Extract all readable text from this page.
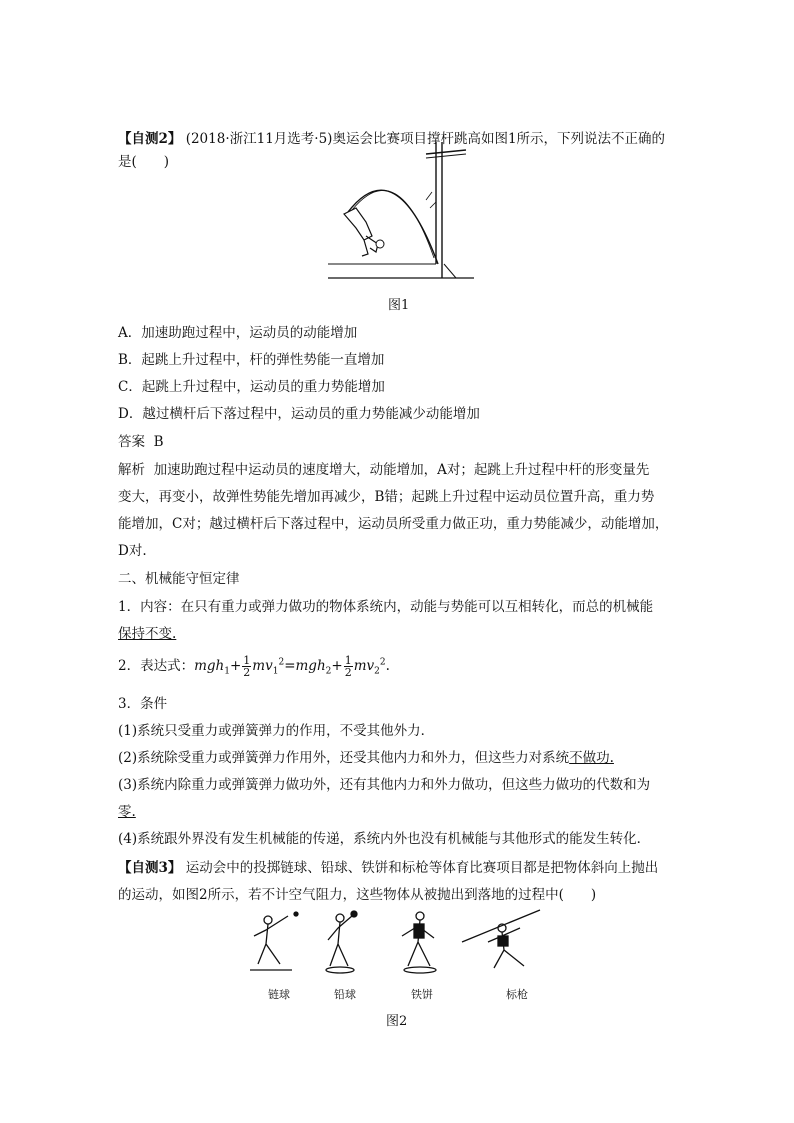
【自测2】 (2018·浙江11月选考·5)奥运会比赛项目撑杆跳高如图1所示，下列说法不正确的
是(　　)
图1
A．加速助跑过程中，运动员的动能增加
B．起跳上升过程中，杆的弹性势能一直增加
C．起跳上升过程中，运动员的重力势能增加
D．越过横杆后下落过程中，运动员的重力势能减少动能增加
答案 B
解析 加速助跑过程中运动员的速度增大，动能增加，A对；起跳上升过程中杆的形变量先
变大，再变小，故弹性势能先增加再减少，B错；起跳上升过程中运动员位置升高，重力势
能增加，C对；越过横杆后下落过程中，运动员所受重力做正功，重力势能减少，动能增加，
D对.
二、机械能守恒定律
1．内容：在只有重力或弹力做功的物体系统内，动能与势能可以互相转化，而总的机械能
保持不变.
2．表达式：$mgh_1+ \frac{1}{2} mv_1^2=mgh_2+ \frac{1}{2} mv_2^2$.
3．条件
(1)系统只受重力或弹簧弹力的作用，不受其他外力．
(2)系统除受重力或弹簧弹力作用外，还受其他内力和外力，但这些力对系统不做功.
(3)系统内除重力或弹簧弹力做功外，还有其他内力和外力做功，但这些力做功的代数和为
零.
(4)系统跟外界没有发生机械能的传递，系统内外也没有机械能与其他形式的能发生转化．
【自测3】 运动会中的投掷链球、铅球、铁饼和标枪等体育比赛项目都是把物体斜向上抛出
的运动，如图2所示，若不计空气阻力，这些物体从被抛出到落地的过程中(　　)
链球	铅球	铁饼	标枪
图2
